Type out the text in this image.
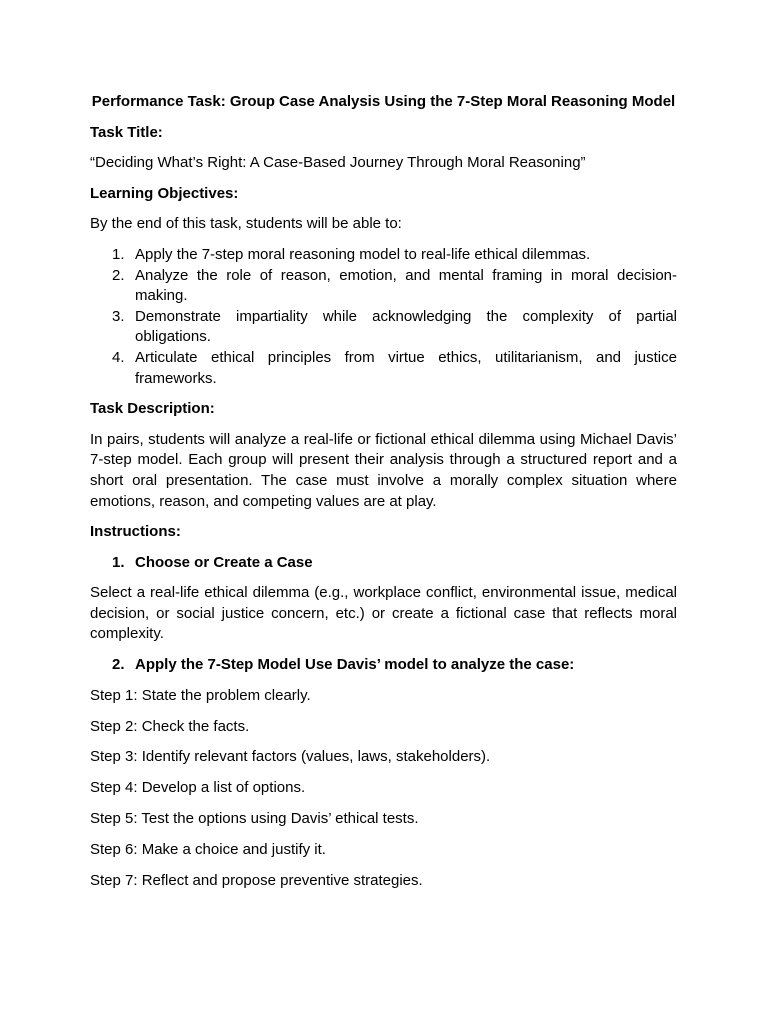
Performance Task: Group Case Analysis Using the 7-Step Moral Reasoning Model

Task Title:

“Deciding What’s Right: A Case-Based Journey Through Moral Reasoning”

Learning Objectives:

By the end of this task, students will be able to:

1. Apply the 7-step moral reasoning model to real-life ethical dilemmas.
2. Analyze the role of reason, emotion, and mental framing in moral decision-making.
3. Demonstrate impartiality while acknowledging the complexity of partial obligations.
4. Articulate ethical principles from virtue ethics, utilitarianism, and justice frameworks.

Task Description:

In pairs, students will analyze a real-life or fictional ethical dilemma using Michael Davis’ 7-step model. Each group will present their analysis through a structured report and a short oral presentation. The case must involve a morally complex situation where emotions, reason, and competing values are at play.

Instructions:

1. Choose or Create a Case

Select a real-life ethical dilemma (e.g., workplace conflict, environmental issue, medical decision, or social justice concern, etc.) or create a fictional case that reflects moral complexity.

2. Apply the 7-Step Model Use Davis’ model to analyze the case:

Step 1: State the problem clearly.

Step 2: Check the facts.

Step 3: Identify relevant factors (values, laws, stakeholders).

Step 4: Develop a list of options.

Step 5: Test the options using Davis’ ethical tests.

Step 6: Make a choice and justify it.

Step 7: Reflect and propose preventive strategies.
